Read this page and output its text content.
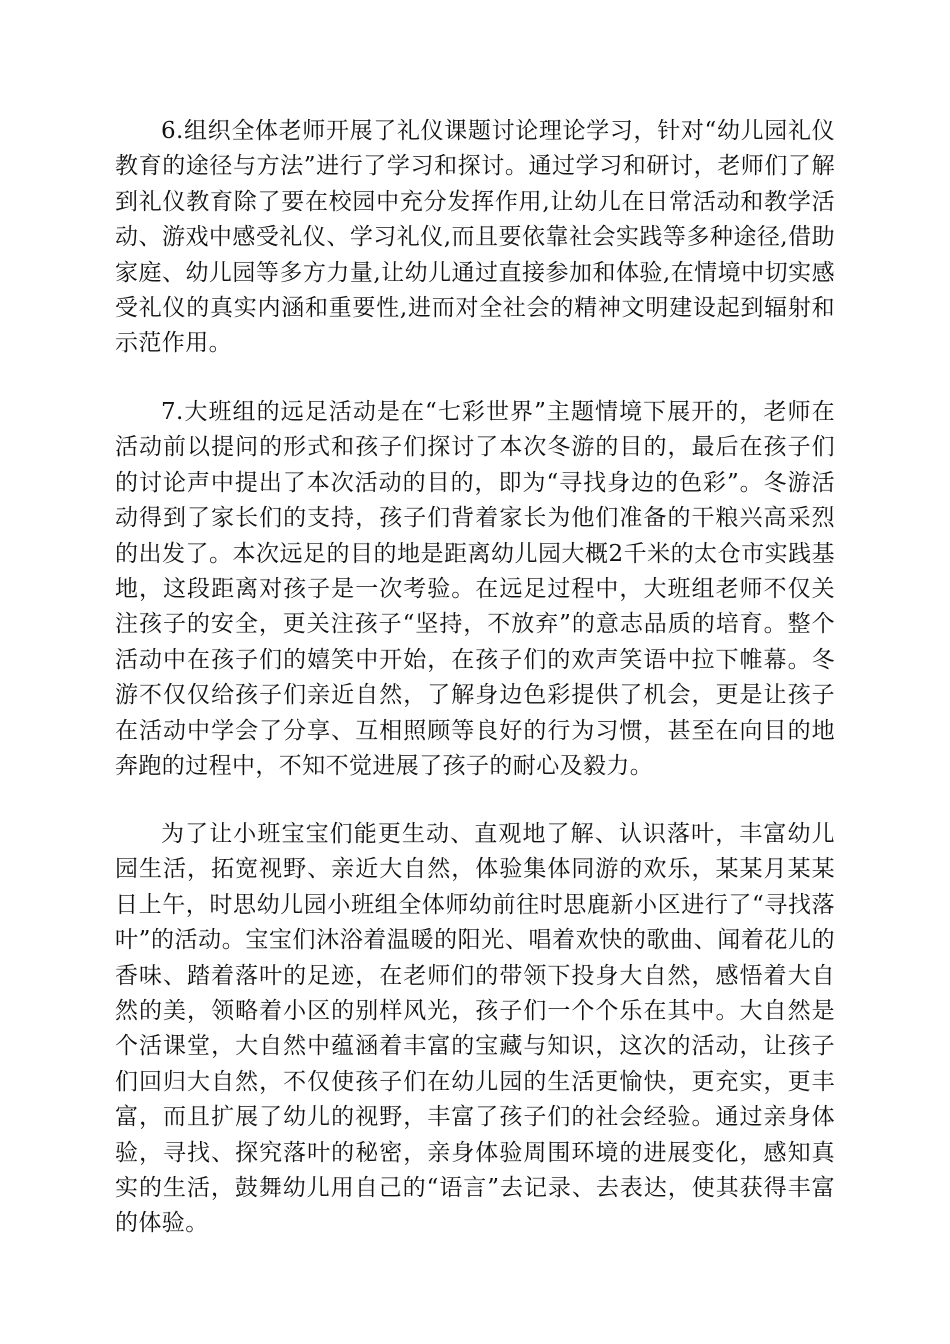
6.组织全体老师开展了礼仪课题讨论理论学习，针对“幼儿园礼仪教育的途径与方法”进行了学习和探讨。通过学习和研讨，老师们了解到礼仪教育除了要在校园中充分发挥作用,让幼儿在日常活动和教学活动、游戏中感受礼仪、学习礼仪,而且要依靠社会实践等多种途径,借助家庭、幼儿园等多方力量,让幼儿通过直接参加和体验,在情境中切实感受礼仪的真实内涵和重要性,进而对全社会的精神文明建设起到辐射和示范作用。

7.大班组的远足活动是在“七彩世界”主题情境下展开的，老师在活动前以提问的形式和孩子们探讨了本次冬游的目的，最后在孩子们的讨论声中提出了本次活动的目的，即为“寻找身边的色彩”。冬游活动得到了家长们的支持，孩子们背着家长为他们准备的干粮兴高采烈的出发了。本次远足的目的地是距离幼儿园大概2千米的太仓市实践基地，这段距离对孩子是一次考验。在远足过程中，大班组老师不仅关注孩子的安全，更关注孩子“坚持，不放弃”的意志品质的培育。整个活动中在孩子们的嬉笑中开始，在孩子们的欢声笑语中拉下帷幕。冬游不仅仅给孩子们亲近自然，了解身边色彩提供了机会，更是让孩子在活动中学会了分享、互相照顾等良好的行为习惯，甚至在向目的地奔跑的过程中，不知不觉进展了孩子的耐心及毅力。

为了让小班宝宝们能更生动、直观地了解、认识落叶，丰富幼儿园生活，拓宽视野、亲近大自然，体验集体同游的欢乐，某某月某某日上午，时思幼儿园小班组全体师幼前往时思鹿新小区进行了“寻找落叶”的活动。宝宝们沐浴着温暖的阳光、唱着欢快的歌曲、闻着花儿的香味、踏着落叶的足迹，在老师们的带领下投身大自然，感悟着大自然的美，领略着小区的别样风光，孩子们一个个乐在其中。大自然是个活课堂，大自然中蕴涵着丰富的宝藏与知识，这次的活动，让孩子们回归大自然，不仅使孩子们在幼儿园的生活更愉快，更充实，更丰富，而且扩展了幼儿的视野，丰富了孩子们的社会经验。通过亲身体验，寻找、探究落叶的秘密，亲身体验周围环境的进展变化，感知真实的生活，鼓舞幼儿用自己的“语言”去记录、去表达，使其获得丰富的体验。
